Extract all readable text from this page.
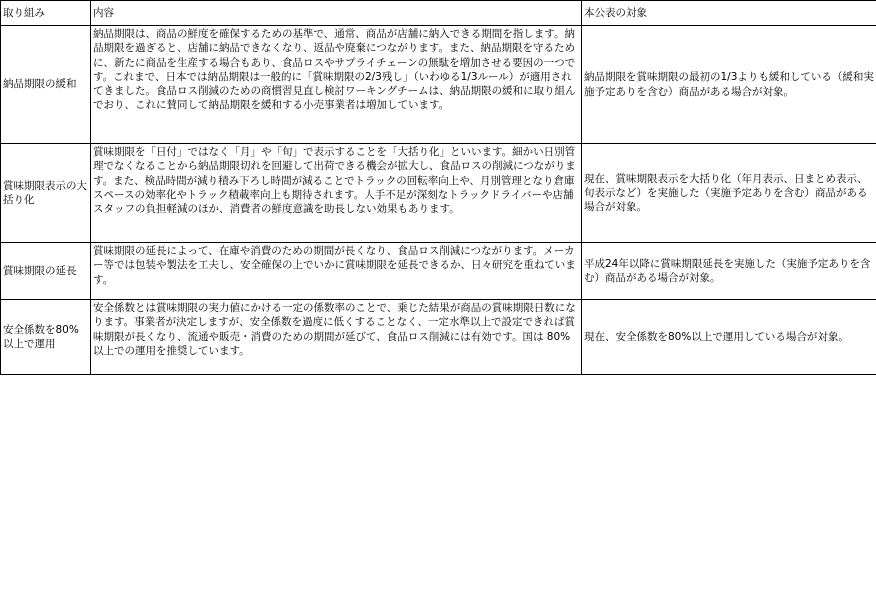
取り組み	内容	本公表の対象
納品期限の緩和	納品期限は、商品の鮮度を確保するための基準で、通常、商品が店舗に納入できる期間を指します。納品期限を過ぎると、店舗に納品できなくなり、返品や廃棄につながります。また、納品期限を守るために、新たに商品を生産する場合もあり、食品ロスやサプライチェーンの無駄を増加させる要因の一つです。これまで、日本では納品期限は一般的に「賞味期限の2/3残し」（いわゆる1/3ルール）が適用されてきました。食品ロス削減のための商慣習見直し検討ワーキングチームは、納品期限の緩和に取り組んでおり、これに賛同して納品期限を緩和する小売事業者は増加しています。	納品期限を賞味期限の最初の1/3よりも緩和している（緩和実施予定ありを含む）商品がある場合が対象。
賞味期限表示の大括り化	賞味期限を「日付」ではなく「月」や「旬」で表示することを「大括り化」といいます。細かい日別管理でなくなることから納品期限切れを回避して出荷できる機会が拡大し、食品ロスの削減につながります。また、検品時間が減り積み下ろし時間が減ることでトラックの回転率向上や、月別管理となり倉庫スペースの効率化やトラック積載率向上も期待されます。人手不足が深刻なトラックドライバーや店舗スタッフの負担軽減のほか、消費者の鮮度意識を助長しない効果もあります。	現在、賞味期限表示を大括り化（年月表示、日まとめ表示、旬表示など）を実施した（実施予定ありを含む）商品がある場合が対象。
賞味期限の延長	賞味期限の延長によって、在庫や消費のための期間が長くなり、食品ロス削減につながります。メーカー等では包装や製法を工夫し、安全確保の上でいかに賞味期限を延長できるか、日々研究を重ねています。	平成24年以降に賞味期限延長を実施した（実施予定ありを含む）商品がある場合が対象。
安全係数を80%以上で運用	安全係数とは賞味期限の実力値にかける一定の係数率のことで、乗じた結果が商品の賞味期限日数になります。事業者が決定しますが、安全係数を過度に低くすることなく、一定水準以上で設定できれば賞味期限が長くなり、流通や販売・消費のための期間が延びて、食品ロス削減には有効です。国は 80%以上での運用を推奨しています。	現在、安全係数を80%以上で運用している場合が対象。
